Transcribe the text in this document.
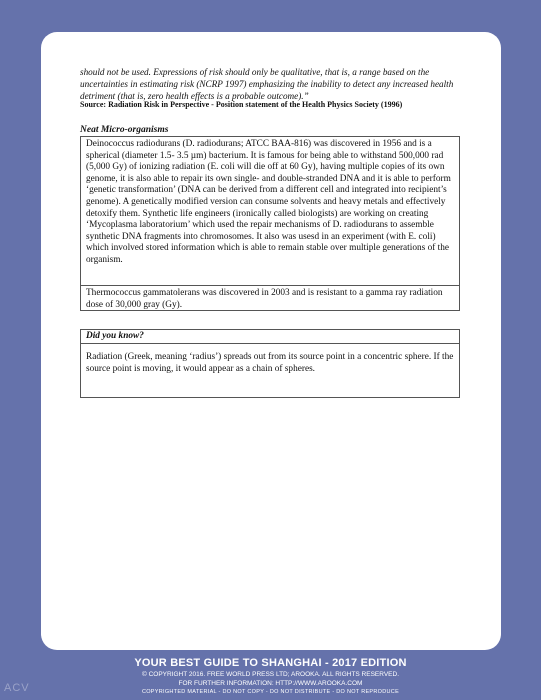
should not be used. Expressions of risk should only be qualitative, that is, a range based on the uncertainties in estimating risk (NCRP 1997) emphasizing the inability to detect any increased health detriment (that is, zero health effects is a probable outcome).”
Source: Radiation Risk in Perspective - Position statement of the Health Physics Society (1996)
Neat Micro-organisms
Deinococcus radiodurans (D. radiodurans; ATCC BAA-816) was discovered in 1956 and is a spherical (diameter 1.5- 3.5 µm) bacterium. It is famous for being able to withstand 500,000 rad (5,000 Gy) of ionizing radiation (E. coli will die off at 60 Gy), having multiple copies of its own genome, it is also able to repair its own single- and double-stranded DNA and it is able to perform ‘genetic transformation’ (DNA can be derived from a different cell and integrated into recipient’s genome). A genetically modified version can consume solvents and heavy metals and effectively detoxify them. Synthetic life engineers (ironically called biologists) are working on creating ‘Mycoplasma laboratorium’ which used the repair mechanisms of D. radiodurans to assemble synthetic DNA fragments into chromosomes. It also was usesd in an experiment (with E. coli) which involved stored information which is able to remain stable over multiple generations of the organism.
Thermococcus gammatolerans was discovered in 2003 and is resistant to a gamma ray radiation dose of 30,000 gray (Gy).
Did you know?
Radiation (Greek, meaning ‘radius’) spreads out from its source point in a concentric sphere. If the source point is moving, it would appear as a chain of spheres.
YOUR BEST GUIDE TO SHANGHAI - 2017 EDITION
© COPYRIGHT 2016. FREE WORLD PRESS LTD; AROOKA. ALL RIGHTS RESERVED.
FOR FURTHER INFORMATION: HTTP://WWW.AROOKA.COM
COPYRIGHTED MATERIAL - DO NOT COPY - DO NOT DISTRIBUTE - DO NOT REPRODUCE
ACV
